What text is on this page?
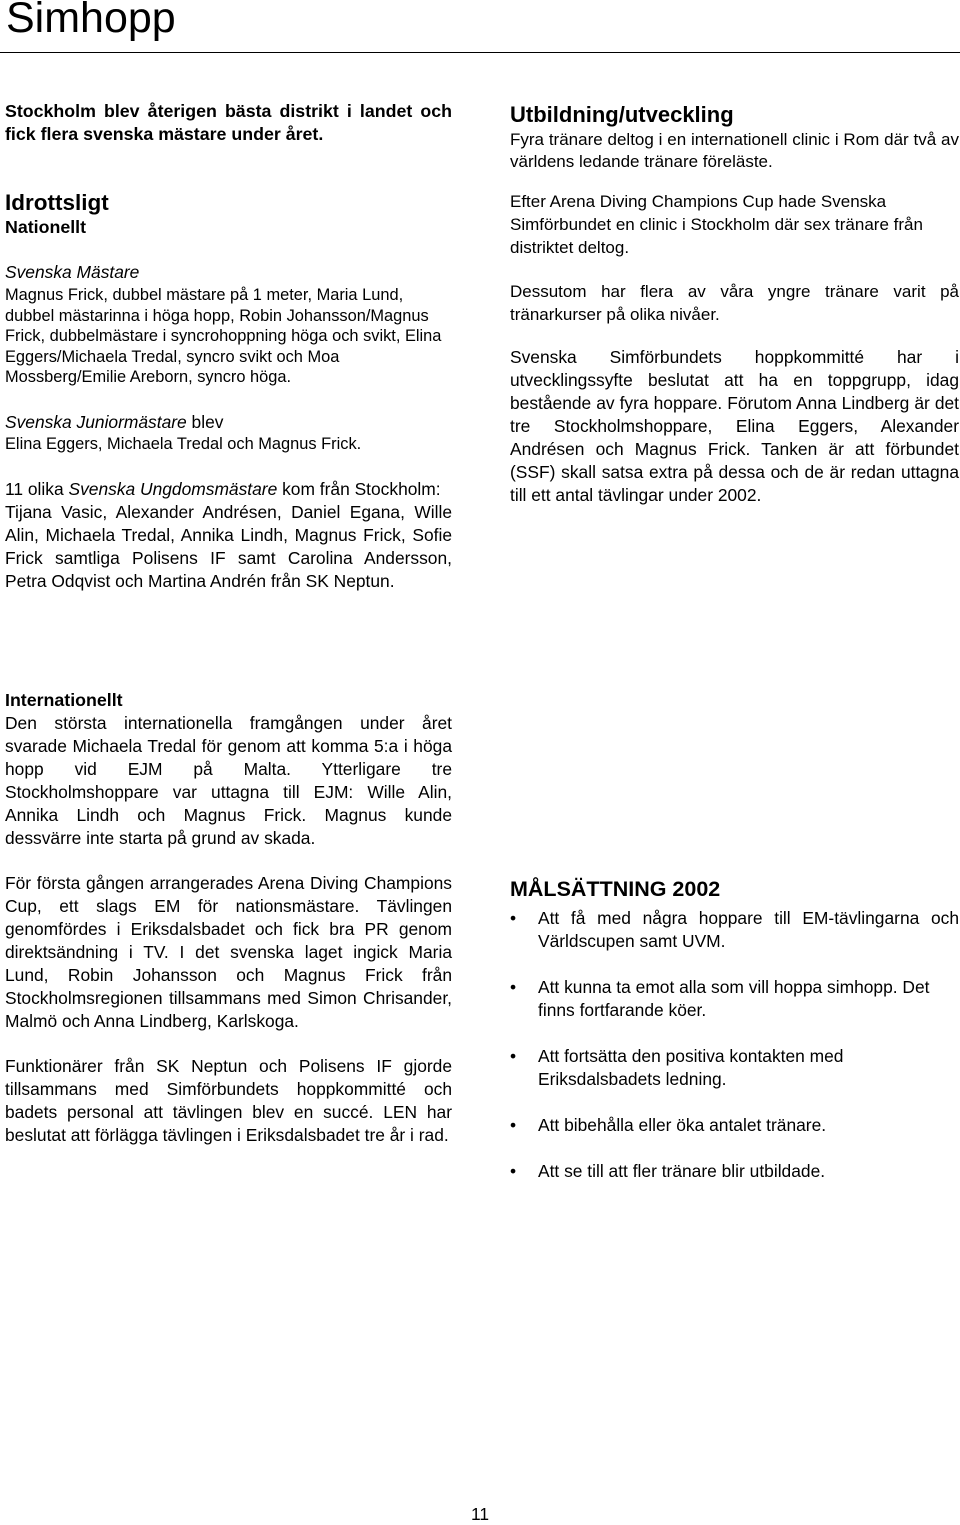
Simhopp

Stockholm blev återigen bästa distrikt i landet och fick flera svenska mästare under året.

Idrottsligt

Nationellt

Svenska Mästare

Magnus Frick, dubbel mästare på 1 meter, Maria Lund, dubbel mästarinna i höga hopp, Robin Johansson/Magnus Frick, dubbelmästare i syncrohoppning höga och svikt, Elina Eggers/Michaela Tredal, syncro svikt och Moa Mossberg/Emilie Areborn, syncro höga.

Svenska Juniormästare blev

Elina Eggers, Michaela Tredal och Magnus Frick.

11 olika Svenska Ungdomsmästare kom från Stockholm:

Tijana Vasic, Alexander Andrésen, Daniel Egana, Wille Alin, Michaela Tredal, Annika Lindh, Magnus Frick, Sofie Frick samtliga Polisens IF samt Carolina Andersson, Petra Odqvist och Martina Andrén från SK Neptun.

Utbildning/utveckling

Fyra tränare deltog i en internationell clinic i Rom där två av världens ledande tränare föreläste.

Efter Arena Diving Champions Cup hade Svenska Simförbundet en clinic i Stockholm där sex tränare från distriktet deltog.

Dessutom har flera av våra yngre tränare varit på tränarkurser på olika nivåer.

Svenska Simförbundets hoppkommitté har i utvecklingssyfte beslutat att ha en toppgrupp, idag bestående av fyra hoppare. Förutom Anna Lindberg är det tre Stockholmshoppare, Elina Eggers, Alexander Andrésen och Magnus Frick. Tanken är att förbundet (SSF) skall satsa extra på dessa och de är redan uttagna till ett antal tävlingar under 2002.

Internationellt

Den största internationella framgången under året svarade Michaela Tredal för genom att komma 5:a i höga hopp vid EJM på Malta. Ytterligare tre Stockholmshoppare var uttagna till EJM: Wille Alin, Annika Lindh och Magnus Frick. Magnus kunde dessvärre inte starta på grund av skada.

För första gången arrangerades Arena Diving Champions Cup, ett slags EM för nationsmästare. Tävlingen genomfördes i Eriksdalsbadet och fick bra PR genom direktsändning i TV. I det svenska laget ingick Maria Lund, Robin Johansson och Magnus Frick från Stockholmsregionen tillsammans med Simon Chrisander, Malmö och Anna Lindberg, Karlskoga.

Funktionärer från SK Neptun och Polisens IF gjorde tillsammans med Simförbundets hoppkommitté och badets personal att tävlingen blev en succé. LEN har beslutat att förlägga tävlingen i Eriksdalsbadet tre år i rad.

MÅLSÄTTNING 2002

• Att få med några hoppare till EM-tävlingarna och Världscupen samt UVM.
• Att kunna ta emot alla som vill hoppa simhopp. Det finns fortfarande köer.
• Att fortsätta den positiva kontakten med Eriksdalsbadets ledning.
• Att bibehålla eller öka antalet tränare.
• Att se till att fler tränare blir utbildade.
11
